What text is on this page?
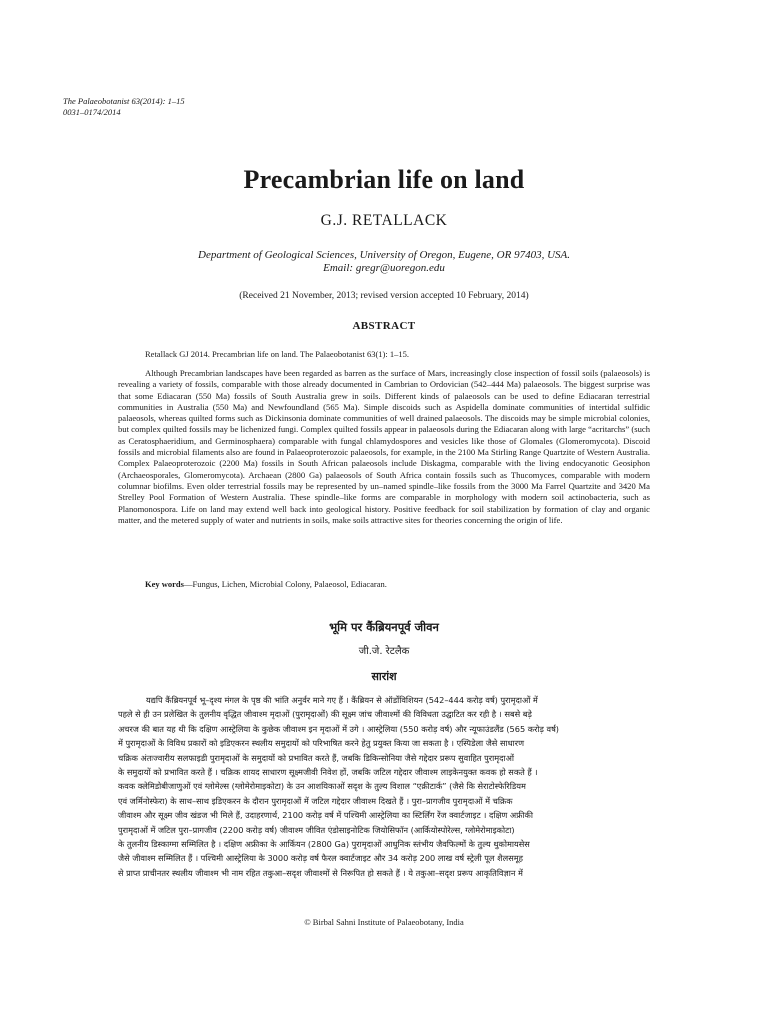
The Palaeobotanist 63(2014): 1–15
0031–0174/2014
Precambrian life on land
G.J. RETALLACK
Department of Geological Sciences, University of Oregon, Eugene, OR 97403, USA.
Email: gregr@uoregon.edu
(Received 21 November, 2013; revised version accepted 10 February, 2014)
ABSTRACT
Retallack GJ 2014. Precambrian life on land. The Palaeobotanist 63(1): 1–15.

Although Precambrian landscapes have been regarded as barren as the surface of Mars, increasingly close inspection of fossil soils (palaeosols) is revealing a variety of fossils, comparable with those already documented in Cambrian to Ordovician (542–444 Ma) palaeosols. The biggest surprise was that some Ediacaran (550 Ma) fossils of South Australia grew in soils. Different kinds of palaeosols can be used to define Ediacaran terrestrial communities in Australia (550 Ma) and Newfoundland (565 Ma). Simple discoids such as Aspidella dominate communities of intertidal sulfidic palaeosols, whereas quilted forms such as Dickinsonia dominate communities of well drained palaeosols. The discoids may be simple microbial colonies, but complex quilted fossils may be lichenized fungi. Complex quilted fossils appear in palaeosols during the Ediacaran along with large “acritarchs” (such as Ceratosphaeridium, and Germinosphaera) comparable with fungal chlamydospores and vesicles like those of Glomales (Glomeromycota). Discoid fossils and microbial filaments also are found in Palaeoproterozoic palaeosols, for example, in the 2100 Ma Stirling Range Quartzite of Western Australia. Complex Palaeoproterozoic (2200 Ma) fossils in South African palaeosols include Diskagma, comparable with the living endocyanotic Geosiphon (Archaeosporales, Glomeromycota). Archaean (2800 Ga) palaeosols of South Africa contain fossils such as Thucomyces, comparable with modern columnar biofilms. Even older terrestrial fossils may be represented by un–named spindle–like fossils from the 3000 Ma Farrel Quartzite and 3420 Ma Strelley Pool Formation of Western Australia. These spindle–like forms are comparable in morphology with modern soil actinobacteria, such as Planomonospora. Life on land may extend well back into geological history. Positive feedback for soil stabilization by formation of clay and organic matter, and the metered supply of water and nutrients in soils, make soils attractive sites for theories concerning the origin of life.

Key words—Fungus, Lichen, Microbial Colony, Palaeosol, Ediacaran.
भूमि पर कैंब्रियनपूर्व जीवन
जी.जे. रेटलैक
सारांश
यद्यपि कैंब्रियनपूर्व भू–दृश्य मंगल के पृष्ठ की भांति अनुर्वर माने गए हैं । कैंब्रियन से ऑर्डोविशियन (542–444 करोड़ वर्ष) पुरामृदाओं में
पहले से ही उन प्रलेखित के तुलनीय वृद्धित जीवाश्म मृदाओं (पुरामृदाओं) की सूक्ष्म जांच जीवाश्मों की विविधता उद्घाटित कर रही है । सबसे बड़े
अचरज की बात यह थी कि दक्षिण आस्ट्रेलिया के कुछेक जीवाश्म इन मृदाओं में उगे । आस्ट्रेलिया (550 करोड़ वर्ष) और न्यूफाउंडलैंड (565 करोड़ वर्ष)
में पुरामृदाओं के विविध प्रकारों को इडिएकरन स्थलीय समुदायों को परिभाषित करने हेतु प्रयुक्त किया जा सकता है । एस्पिडेला जैसे साधारण
चक्रिक अंतःज्वारीय सलफाइडी पुरामृदाओं के समुदायों को प्रभावित करते हैं, जबकि डिकिन्सोनिया जैसे गद्देदार प्ररूप सुवाहित पुरामृदाओं
के समुदायों को प्रभावित करते हैं । चक्रिक शायद साधारण सूक्ष्मजीवी निवेश हों, जबकि जटिल गद्देदार जीवाश्म लाइकेनयुक्त कवक हो सकते हैं ।
कवक क्लेमिडोबीजाणुओं एवं ग्लोमेल्स (ग्लोमेरोमाइकोटा) के उन आशयिकाओं सदृश के तुल्य विशाल “एक्रीटार्क” (जैसे कि सेराटोस्फेरिडियम
एवं जर्मिनोस्फेरा) के साथ–साथ इडिएकरन के दौरान पुरामृदाओं में जटिल गद्देदार जीवाश्म दिखते हैं । पुरा–प्रागजीव पुरामृदाओं में चक्रिक
जीवाश्म और सूक्ष्म जीव खंडज भी मिले हैं, उदाहरणार्थ, 2100 करोड़ वर्ष में पश्चिमी आस्ट्रेलिया का स्टिर्लिंग रेंज क्वार्टजाइट । दक्षिण अफ्रीकी
पुरामृदाओं में जटिल पुरा–प्रागजीव (2200 करोड़ वर्ष) जीवाश्म जीवित एंडोसाइनोटिक जियोसिफॉन (आर्कियोस्पोरेल्स, ग्लोमेरोमाइकोटा)
के तुलनीय डिस्काग्मा सम्मिलित है । दक्षिण अफ्रीका के आर्कियन (2800 Ga) पुरामृदाओं आधुनिक स्तंभीय जैवफिल्मों के तुल्य थुकोमायसेस
जैसे जीवाश्म सम्मिलित हैं । पश्चिमी आस्ट्रेलिया के 3000 करोड़ वर्ष फैरल क्वार्टजाइट और 34 करोड़ 200 लाख वर्ष स्ट्रेली पूल शैलसमूह
से प्राप्त प्राचीनतर स्थलीय जीवाश्म भी नाम रहित तकुआ–सदृश जीवाश्मों से निरूपित हो सकते हैं । ये तकुआ–सदृश प्ररूप आकृतिविज्ञान में
© Birbal Sahni Institute of Palaeobotany, India
